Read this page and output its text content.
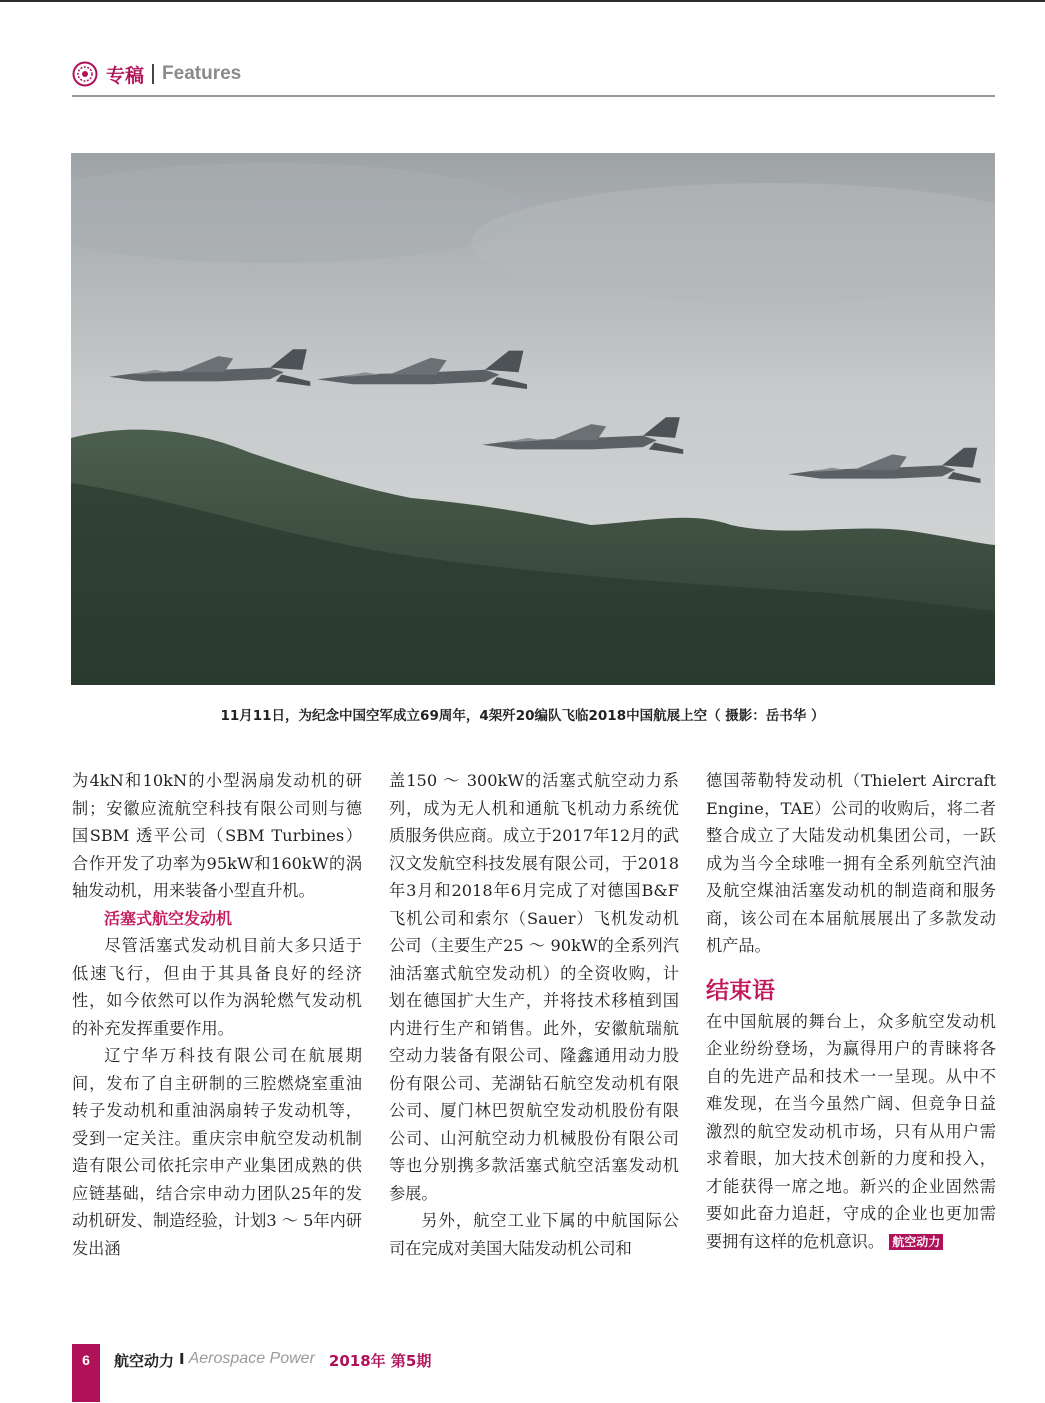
专稿 Features
11月11日，为纪念中国空军成立69周年，4架歼20编队飞临2018中国航展上空（ 摄影：岳书华 ）

为4kN和10kN的小型涡扇发动机的研制；安徽应流航空科技有限公司则与德国SBM 透平公司（SBM Turbines）合作开发了功率为95kW和160kW的涡轴发动机，用来装备小型直升机。

活塞式航空发动机

尽管活塞式发动机目前大多只适于低速飞行，但由于其具备良好的经济性，如今依然可以作为涡轮燃气发动机的补充发挥重要作用。

辽宁华万科技有限公司在航展期间，发布了自主研制的三腔燃烧室重油转子发动机和重油涡扇转子发动机等，受到一定关注。重庆宗申航空发动机制造有限公司依托宗申产业集团成熟的供应链基础，结合宗申动力团队25年的发动机研发、制造经验，计划3 ～ 5年内研发出涵

盖150 ～ 300kW的活塞式航空动力系列，成为无人机和通航飞机动力系统优质服务供应商。成立于2017年12月的武汉文发航空科技发展有限公司，于2018年3月和2018年6月完成了对德国B&F飞机公司和索尔（Sauer）飞机发动机公司（主要生产25 ～ 90kW的全系列汽油活塞式航空发动机）的全资收购，计划在德国扩大生产，并将技术移植到国内进行生产和销售。此外，安徽航瑞航空动力装备有限公司、隆鑫通用动力股份有限公司、芜湖钻石航空发动机有限公司、厦门林巴贺航空发动机股份有限公司、山河航空动力机械股份有限公司等也分别携多款活塞式航空活塞发动机参展。

另外，航空工业下属的中航国际公司在完成对美国大陆发动机公司和

德国蒂勒特发动机（Thielert Aircraft Engine，TAE）公司的收购后，将二者整合成立了大陆发动机集团公司，一跃成为当今全球唯一拥有全系列航空汽油及航空煤油活塞发动机的制造商和服务商，该公司在本届航展展出了多款发动机产品。

结束语

在中国航展的舞台上，众多航空发动机企业纷纷登场，为赢得用户的青睐将各自的先进产品和技术一一呈现。从中不难发现，在当今虽然广阔、但竞争日益激烈的航空发动机市场，只有从用户需求着眼，加大技术创新的力度和投入，才能获得一席之地。新兴的企业固然需要如此奋力追赶，守成的企业也更加需要拥有这样的危机意识。 航空动力

6	航空动力 I Aerospace Power 2018年 第5期
